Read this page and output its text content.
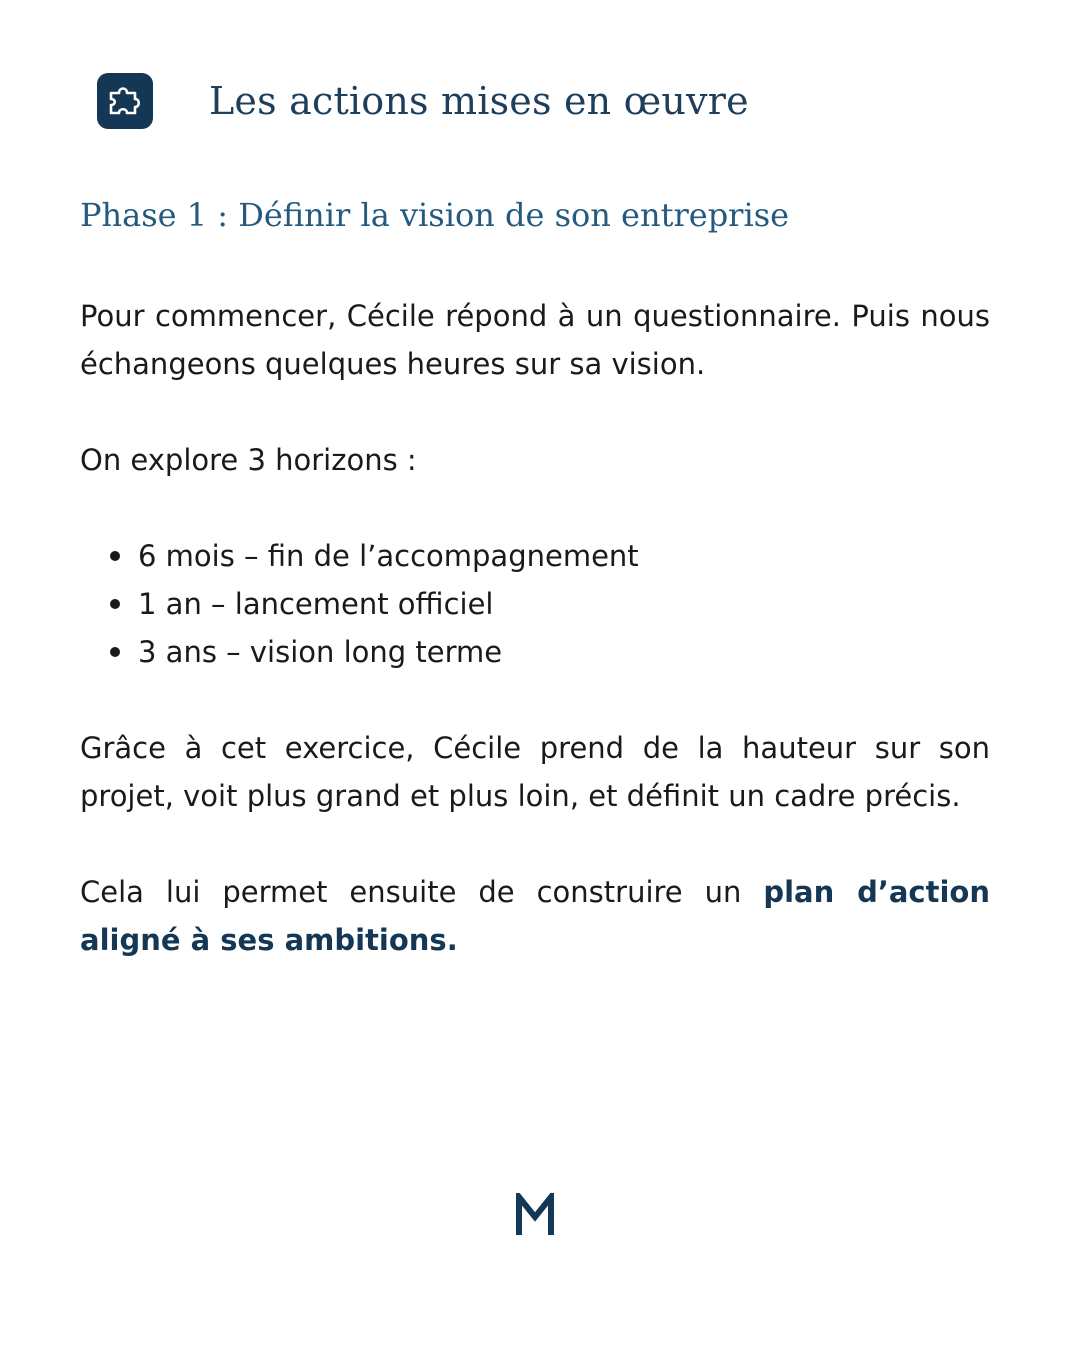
Les actions mises en œuvre
Phase 1 : Définir la vision de son entreprise

Pour commencer, Cécile répond à un questionnaire. Puis nous échangeons quelques heures sur sa vision.

On explore 3 horizons :

6 mois – fin de l’accompagnement
1 an – lancement officiel
3 ans – vision long terme

Grâce à cet exercice, Cécile prend de la hauteur sur son projet, voit plus grand et plus loin, et définit un cadre précis.

Cela lui permet ensuite de construire un plan d’action aligné à ses ambitions.
